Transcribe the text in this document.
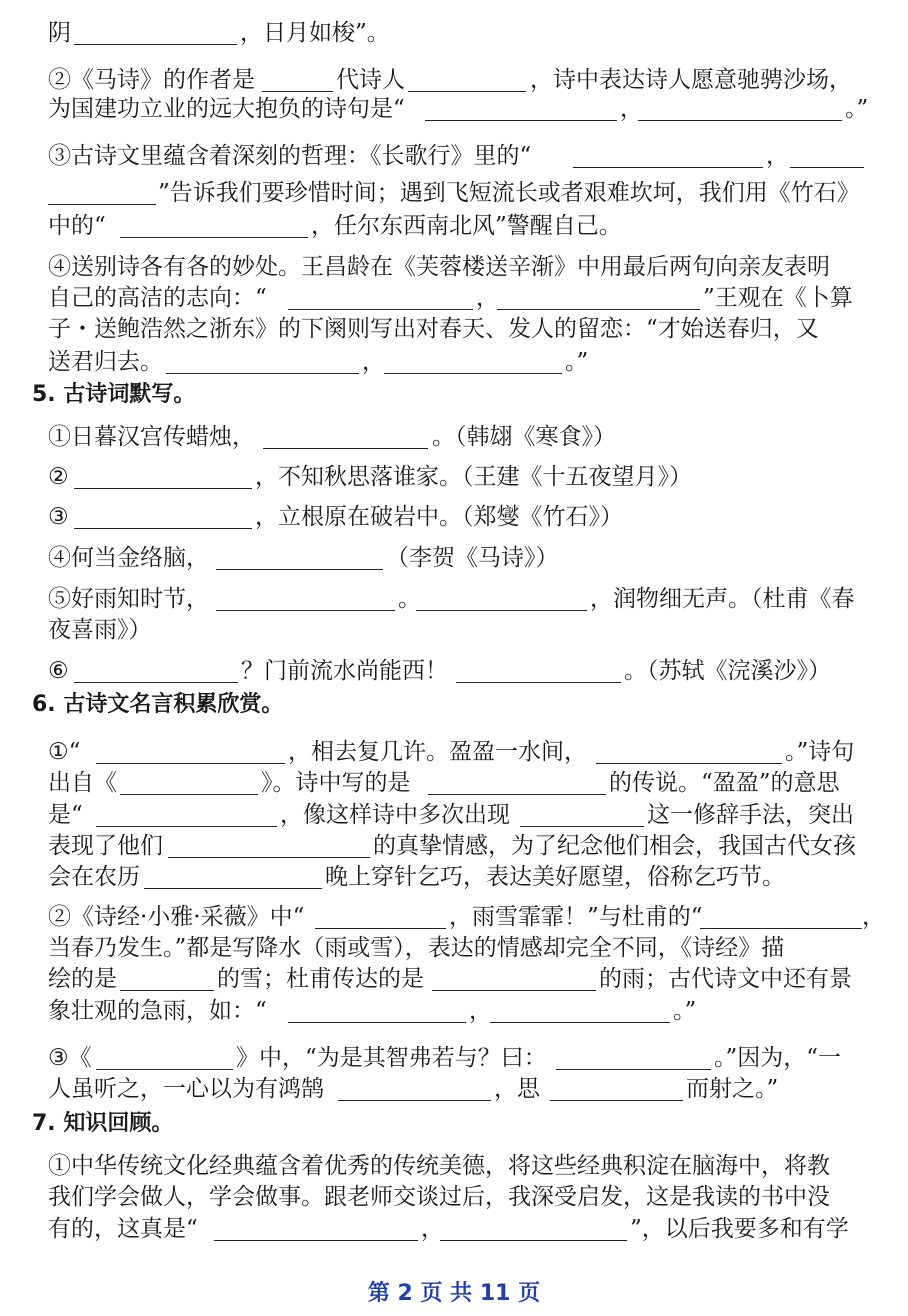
阴	，日月如梭”。
②《马诗》的作者是	代诗人	，诗中表达诗人愿意驰骋沙场，
为国建功立业的远大抱负的诗句是“	，	。”
③古诗文里蕴含着深刻的哲理：《长歌行》里的“	，
”告诉我们要珍惜时间；遇到飞短流长或者艰难坎坷，我们用《竹石》
中的“	，任尔东西南北风”警醒自己。
④送别诗各有各的妙处。王昌龄在《芙蓉楼送辛渐》中用最后两句向亲友表明
自己的高洁的志向：“	，	”王观在《卜算
子・送鲍浩然之浙东》的下阕则写出对春天、发人的留恋：“才始送春归，又
送君归去。	，	。”
5. 古诗词默写。
①日暮汉宫传蜡烛，	。（韩翃《寒食》）
②	，不知秋思落谁家。（王建《十五夜望月》）
③	，立根原在破岩中。（郑燮《竹石》）
④何当金络脑，	（李贺《马诗》）
⑤好雨知时节，	。	，润物细无声。（杜甫《春
夜喜雨》）
⑥	？门前流水尚能西！	。（苏轼《浣溪沙》）
6. 古诗文名言积累欣赏。
①“	，相去复几许。盈盈一水间，	。”诗句
出自《	》。诗中写的是	的传说。“盈盈”的意思
是“	，像这样诗中多次出现	这一修辞手法，突出
表现了他们	的真挚情感，为了纪念他们相会，我国古代女孩
会在农历	晚上穿针乞巧，表达美好愿望，俗称乞巧节。
②《诗经·小雅·采薇》中“	，雨雪霏霏！”与杜甫的“	，
当春乃发生。”都是写降水（雨或雪），表达的情感却完全不同，《诗经》描
绘的是	的雪；杜甫传达的是	的雨；古代诗文中还有景
象壮观的急雨，如：“	，	。”
③《	》中，“为是其智弗若与？曰：	。”因为，“一
人虽听之，一心以为有鸿鹄	，思	而射之。”
7. 知识回顾。
①中华传统文化经典蕴含着优秀的传统美德，将这些经典积淀在脑海中，将教
我们学会做人，学会做事。跟老师交谈过后，我深受启发，这是我读的书中没
有的，这真是“	，	”，以后我要多和有学
第 2 页 共 11 页
